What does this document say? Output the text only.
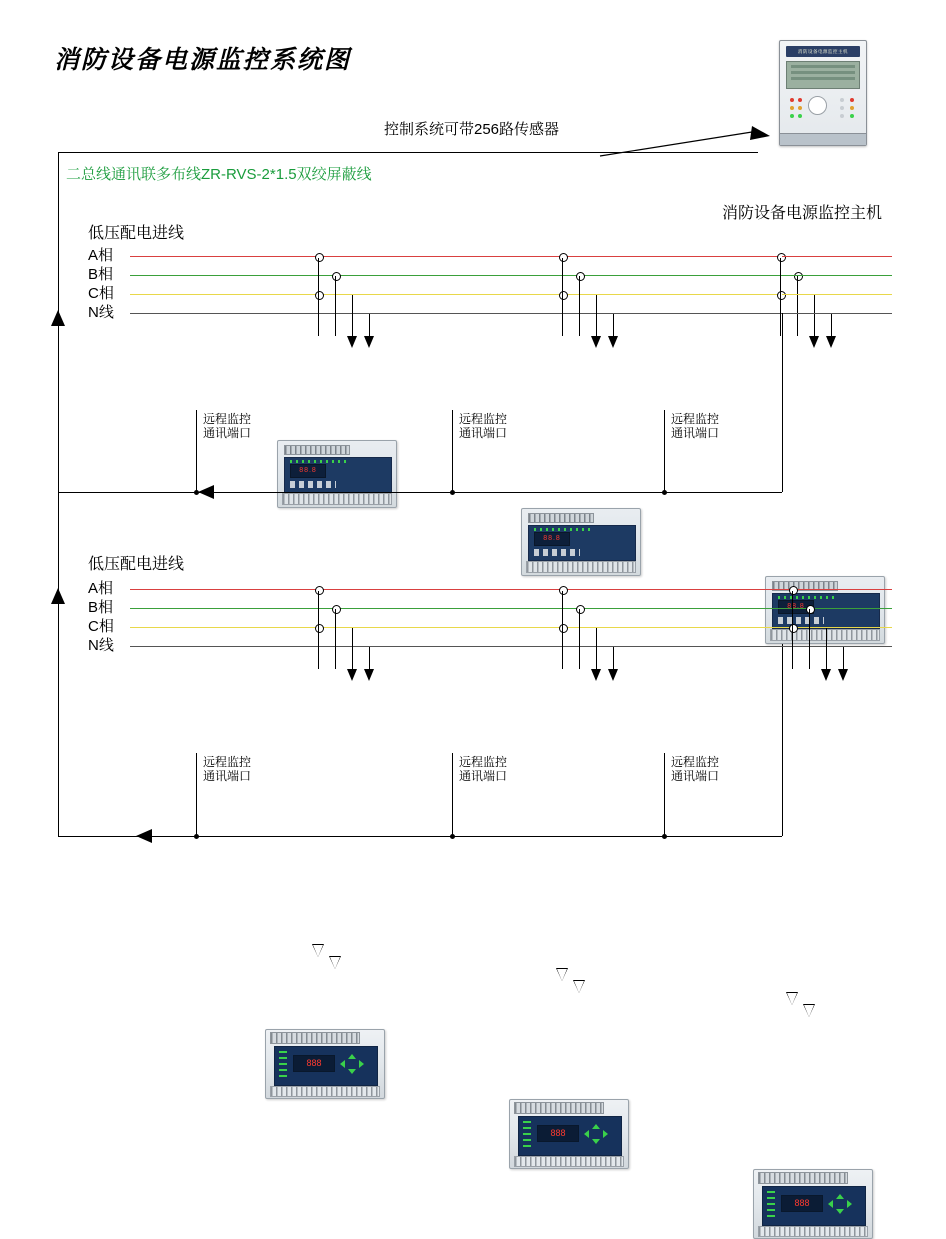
消防设备电源监控系统图	消防设备电源监控主机
消防设备电源监控主机
控制系统可带256路传感器
二总线通讯联多布线ZR-RVS-2*1.5双绞屏蔽线
低压配电进线
A相
B相
C相
N线
88.8
88.8
88.8
远程监控
通讯端口
远程监控
通讯端口
远程监控
通讯端口
低压配电进线
A相
B相
C相
N线
888
888
888
远程监控
通讯端口
远程监控
通讯端口
远程监控
通讯端口
